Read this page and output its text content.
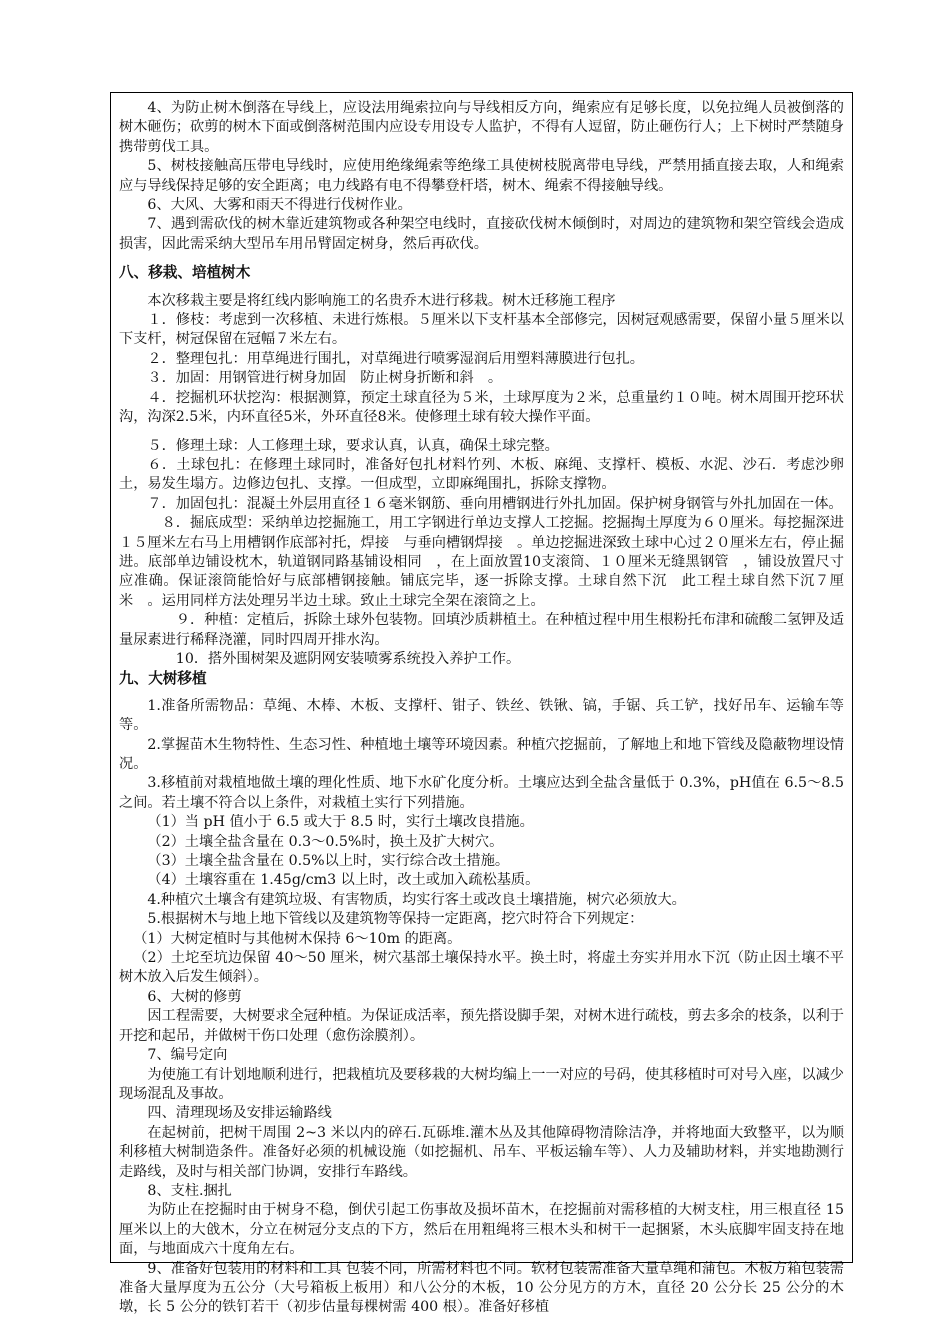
4、为防止树木倒落在导线上，应设法用绳索拉向与导线相反方向，绳索应有足够长度，以免拉绳人员被倒落的树木砸伤；砍剪的树木下面或倒落树范围内应设专用设专人监护，不得有人逗留，防止砸伤行人；上下树时严禁随身携带剪伐工具。

5、树枝接触高压带电导线时，应使用绝缘绳索等绝缘工具使树枝脱离带电导线，严禁用插直接去取，人和绳索应与导线保持足够的安全距离；电力线路有电不得攀登杆塔，树木、绳索不得接触导线。

6、大风、大雾和雨天不得进行伐树作业。

7、遇到需砍伐的树木靠近建筑物或各种架空电线时，直接砍伐树木倾倒时，对周边的建筑物和架空管线会造成损害，因此需采纳大型吊车用吊臂固定树身，然后再砍伐。

八、移栽、培植树木

本次移栽主要是将红线内影响施工的名贵乔木进行移栽。树木迁移施工程序

１．修枝：考虑到一次移植、未进行炼根。５厘米以下支杆基本全部修完，因树冠观感需要，保留小量５厘米以下支杆，树冠保留在冠幅７米左右。

２．整理包扎：用草绳进行围扎，对草绳进行喷雾湿润后用塑料薄膜进行包扎。

３．加固：用钢管进行树身加固　防止树身折断和斜　。

４．挖掘机环状挖沟：根据测算，预定土球直径为５米，土球厚度为２米，总重量约１０吨。树木周围开挖环状沟，沟深2.5米，内环直径5米，外环直径8米。使修理土球有较大操作平面。

５．修理土球：人工修理土球，要求认真，认真，确保土球完整。

６．土球包扎：在修理土球同时，准备好包扎材料竹列、木板、麻绳、支撑杆、模板、水泥、沙石．考虑沙卵土，易发生塌方。边修边包扎、支撑。一但成型，立即麻绳围扎，拆除支撑物。

７．加固包扎：混凝土外层用直径１６毫米钢筋、垂向用槽钢进行外扎加固。保护树身钢管与外扎加固在一体。

８．掘底成型：采纳单边挖掘施工，用工字钢进行单边支撑人工挖掘。挖掘掏土厚度为６０厘米。每挖掘深进１５厘米左右马上用槽钢作底部衬托，焊接　与垂向槽钢焊接　。单边挖掘进深致土球中心过２０厘米左右，停止掘进。底部单边铺设枕木，轨道钢同路基铺设相同　，在上面放置10支滚筒、１０厘米无缝黑钢管　，铺设放置尺寸应准确。保证滚筒能恰好与底部槽钢接触。铺底完毕，逐一拆除支撑。土球自然下沉　此工程土球自然下沉７厘米　。运用同样方法处理另半边土球。致止土球完全架在滚筒之上。

９．种植：定植后，拆除土球外包装物。回填沙质耕植土。在种植过程中用生根粉托布津和硫酸二氢钾及适量尿素进行稀释浇灌，同时四周开排水沟。

10．搭外围树架及遮阴网安装喷雾系统投入养护工作。

九、大树移植

1.准备所需物品：草绳、木棒、木板、支撑杆、钳子、铁丝、铁锹、镐，手锯、兵工铲，找好吊车、运输车等等。

2.掌握苗木生物特性、生态习性、种植地土壤等环境因素。种植穴挖掘前，了解地上和地下管线及隐蔽物埋设情况。

3.移植前对栽植地做土壤的理化性质、地下水矿化度分析。土壤应达到全盐含量低于 0.3%，pH值在 6.5～8.5 之间。若土壤不符合以上条件，对栽植土实行下列措施。

（1）当 pH 值小于 6.5 或大于 8.5 时，实行土壤改良措施。

（2）土壤全盐含量在 0.3～0.5%时，换土及扩大树穴。

（3）土壤全盐含量在 0.5%以上时，实行综合改土措施。

（4）土壤容重在 1.45g/cm3 以上时，改土或加入疏松基质。

4.种植穴土壤含有建筑垃圾、有害物质，均实行客土或改良土壤措施，树穴必须放大。

5.根据树木与地上地下管线以及建筑物等保持一定距离，挖穴时符合下列规定：

（1）大树定植时与其他树木保持 6～10m 的距离。

（2）土坨至坑边保留 40～50 厘米，树穴基部土壤保持水平。换土时，将虚土夯实并用水下沉（防止因土壤不平树木放入后发生倾斜）。

6、大树的修剪

因工程需要，大树要求全冠种植。为保证成活率，预先搭设脚手架，对树木进行疏枝，剪去多余的枝条，以利于开挖和起吊，并做树干伤口处理（愈伤涂膜剂）。

7、编号定向

为使施工有计划地顺利进行，把栽植坑及要移栽的大树均编上一一对应的号码，使其移植时可对号入座，以减少现场混乱及事故。

四、清理现场及安排运输路线

在起树前，把树干周围 2~3 米以内的碎石.瓦砾堆.灌木丛及其他障碍物清除洁净，并将地面大致整平，以为顺利移植大树制造条件。准备好必须的机械设施（如挖掘机、吊车、平板运输车等）、人力及辅助材料，并实地勘测行走路线，及时与相关部门协调，安排行车路线。

8、支柱.捆扎

为防止在挖掘时由于树身不稳，倒伏引起工伤事故及损坏苗木，在挖掘前对需移植的大树支柱，用三根直径 15 厘米以上的大戗木，分立在树冠分支点的下方，然后在用粗绳将三根木头和树干一起捆紧，木头底脚牢固支持在地面，与地面成六十度角左右。

9、准备好包装用的材料和工具 包装不同，所需材料也不同。软材包装需准备大量草绳和蒲包。木板方箱包装需准备大量厚度为五公分（大号箱板上板用）和八公分的木板，10 公分见方的方木，直径 20 公分长 25 公分的木墩，长 5 公分的铁钉若干（初步估量每棵树需 400 根）。准备好移植
